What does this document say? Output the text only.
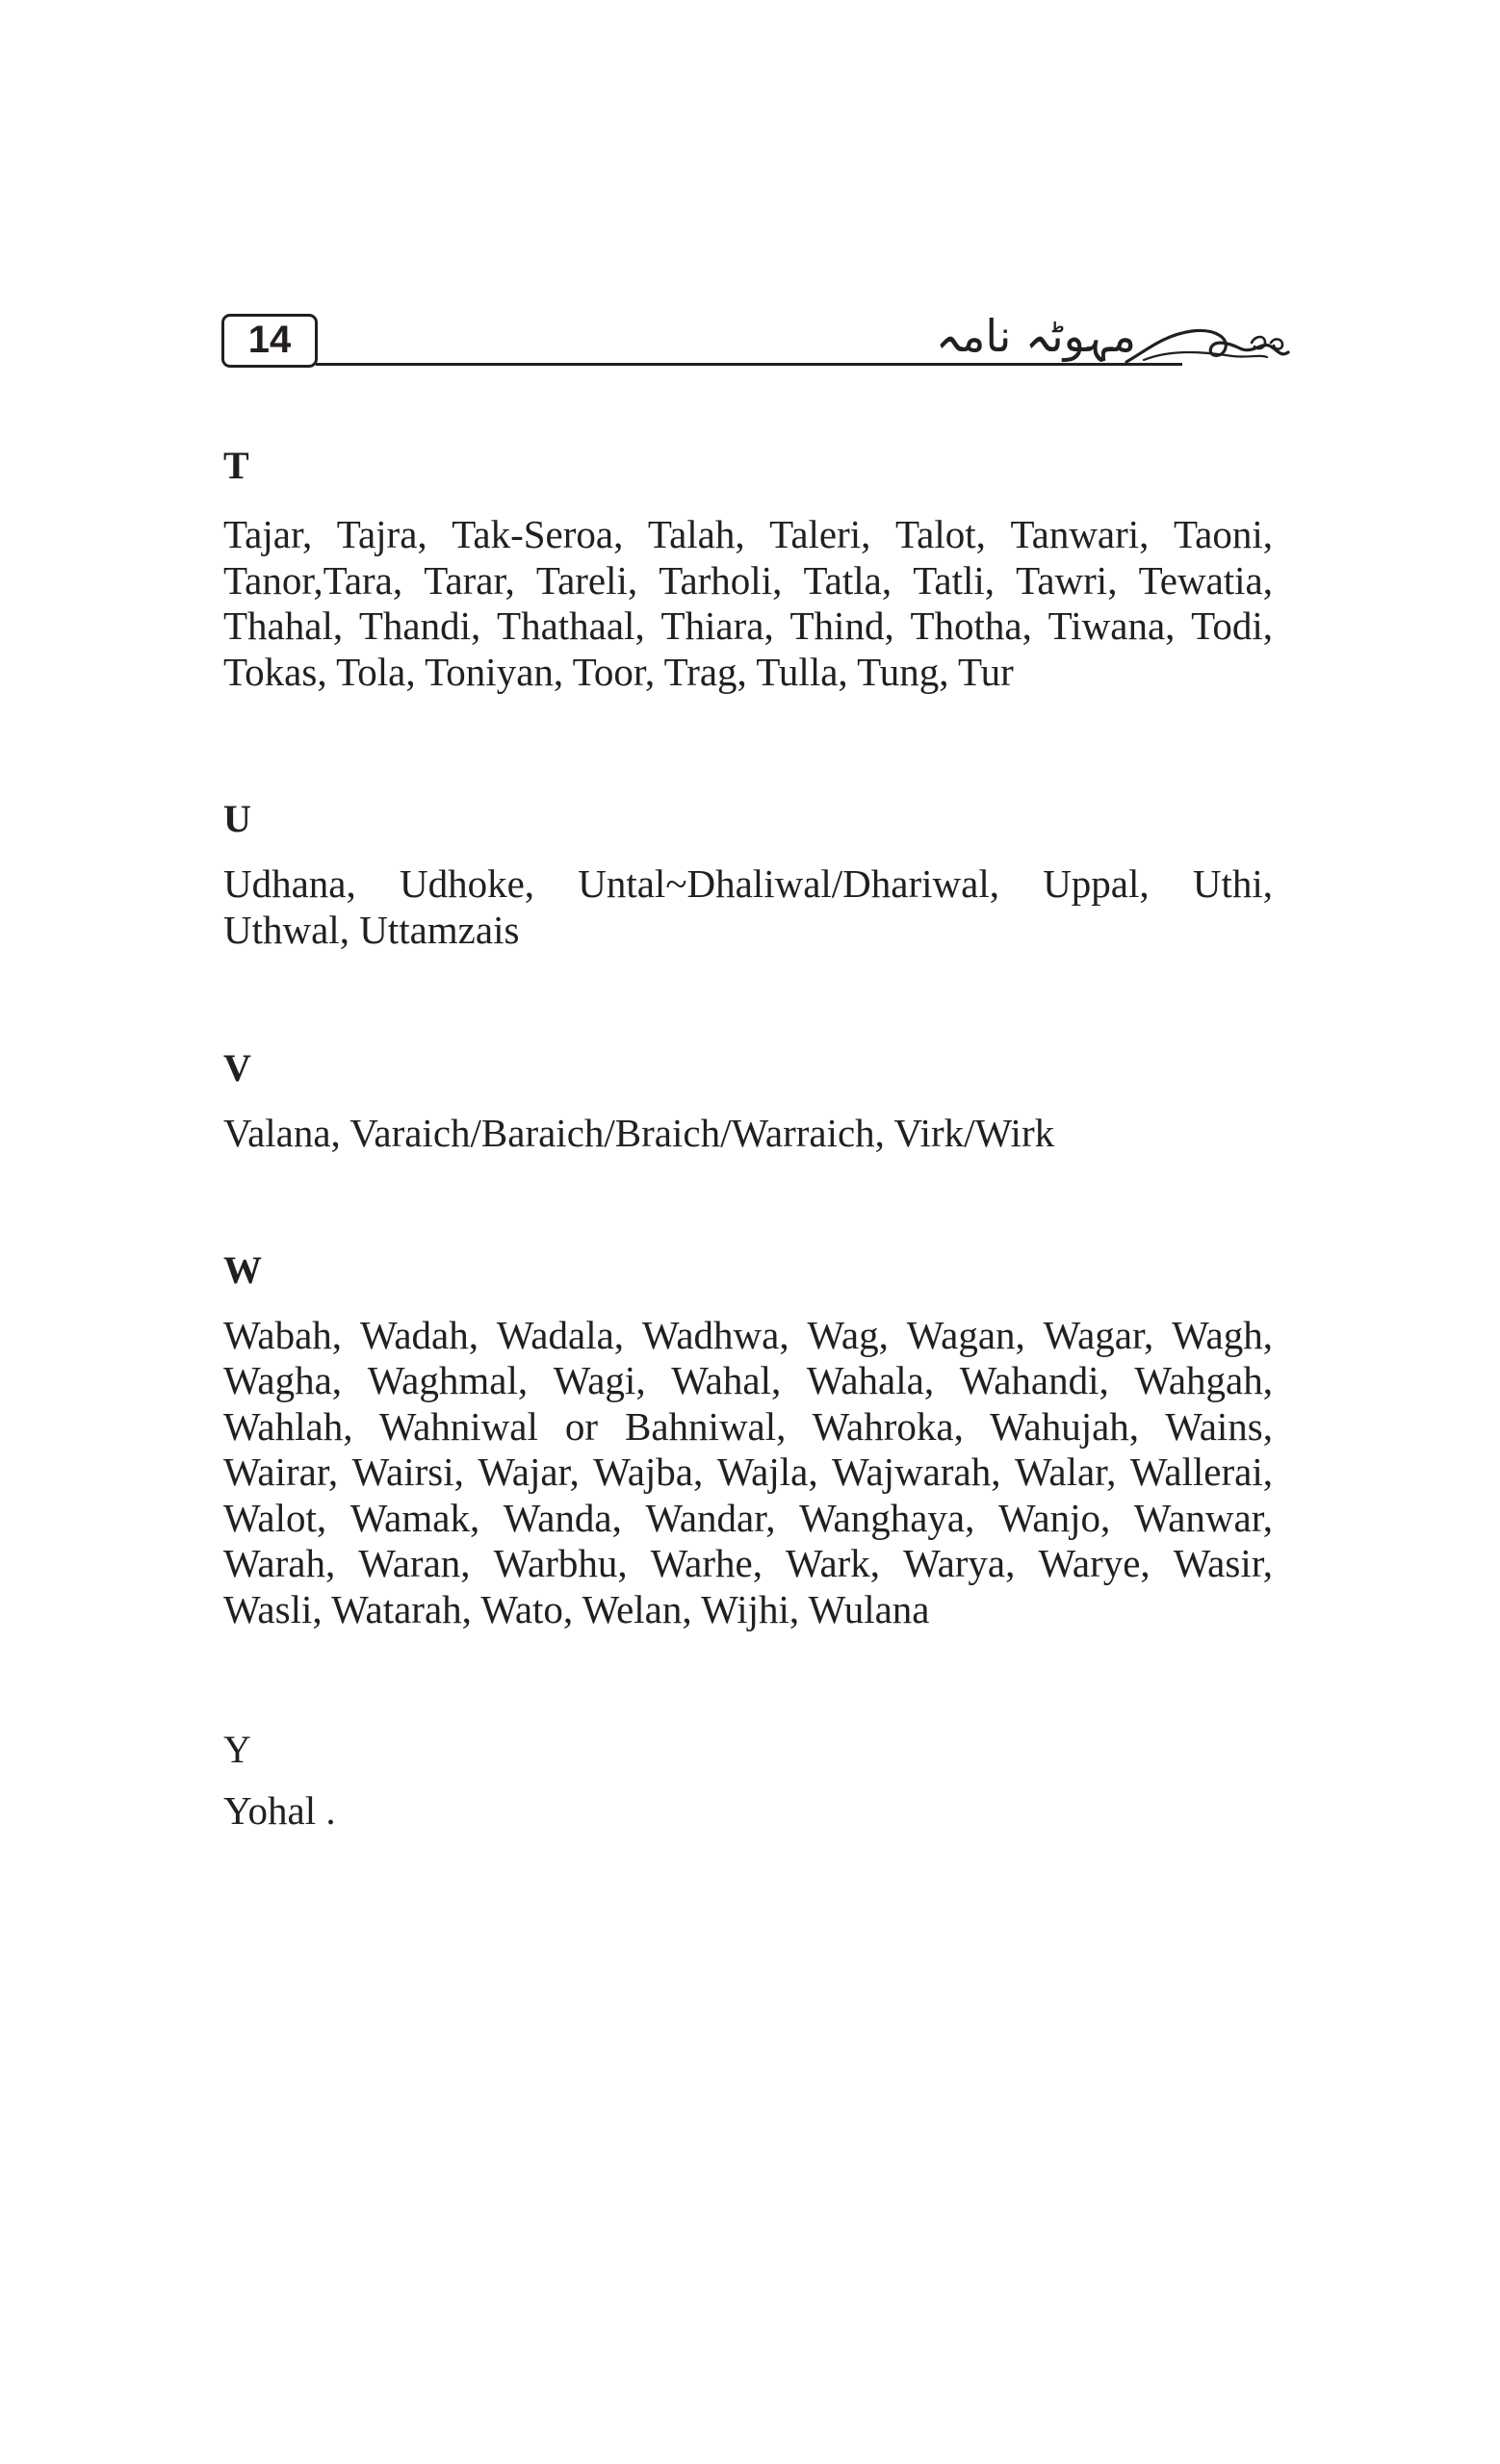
14	مہوٹہ نامہ
T

Tajar, Tajra, Tak-Seroa, Talah, Taleri, Talot, Tanwari, Taoni, Tanor,Tara, Tarar, Tareli, Tarholi, Tatla, Tatli, Tawri, Tewatia, Thahal, Thandi, Thathaal, Thiara, Thind, Thotha, Tiwana, Todi, Tokas, Tola, Toniyan, Toor, Trag, Tulla, Tung, Tur

U

Udhana, Udhoke, Untal~Dhaliwal/Dhariwal, Uppal, Uthi, Uthwal, Uttamzais

V

Valana, Varaich/Baraich/Braich/Warraich, Virk/Wirk

W

Wabah, Wadah, Wadala, Wadhwa, Wag, Wagan, Wagar, Wagh, Wagha, Waghmal, Wagi, Wahal, Wahala, Wahandi, Wahgah, Wahlah, Wahniwal or Bahniwal, Wahroka, Wahujah, Wains, Wairar, Wairsi, Wajar, Wajba, Wajla, Wajwarah, Walar, Wallerai, Walot, Wamak, Wanda, Wandar, Wanghaya, Wanjo, Wanwar, Warah, Waran, Warbhu, Warhe, Wark, Warya, Warye, Wasir, Wasli, Watarah, Wato, Welan, Wijhi, Wulana

Y

Yohal .
